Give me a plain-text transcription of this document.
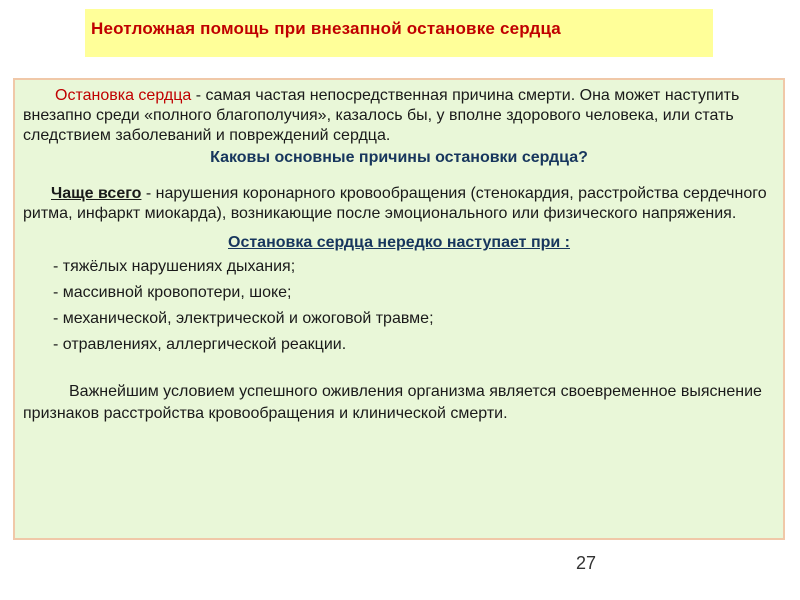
Неотложная помощь при внезапной остановке сердца

Остановка сердца - самая частая непосредственная причина смерти. Она может наступить внезапно среди «полного благополучия», казалось бы, у вполне здорового человека, или стать следствием заболеваний и повреждений сердца.

Каковы основные причины остановки сердца?

Чаще всего - нарушения коронарного кровообращения (стенокардия, расстройства сердечного ритма, инфаркт миокарда), возникающие после эмоционального или физического напряжения.

Остановка сердца нередко наступает при :

- тяжёлых нарушениях дыхания;
- массивной кровопотери, шоке;
- механической, электрической и ожоговой травме;
- отравлениях, аллергической реакции.

Важнейшим условием успешного оживления организма является своевременное выяснение признаков расстройства кровообращения и клинической смерти.

27
